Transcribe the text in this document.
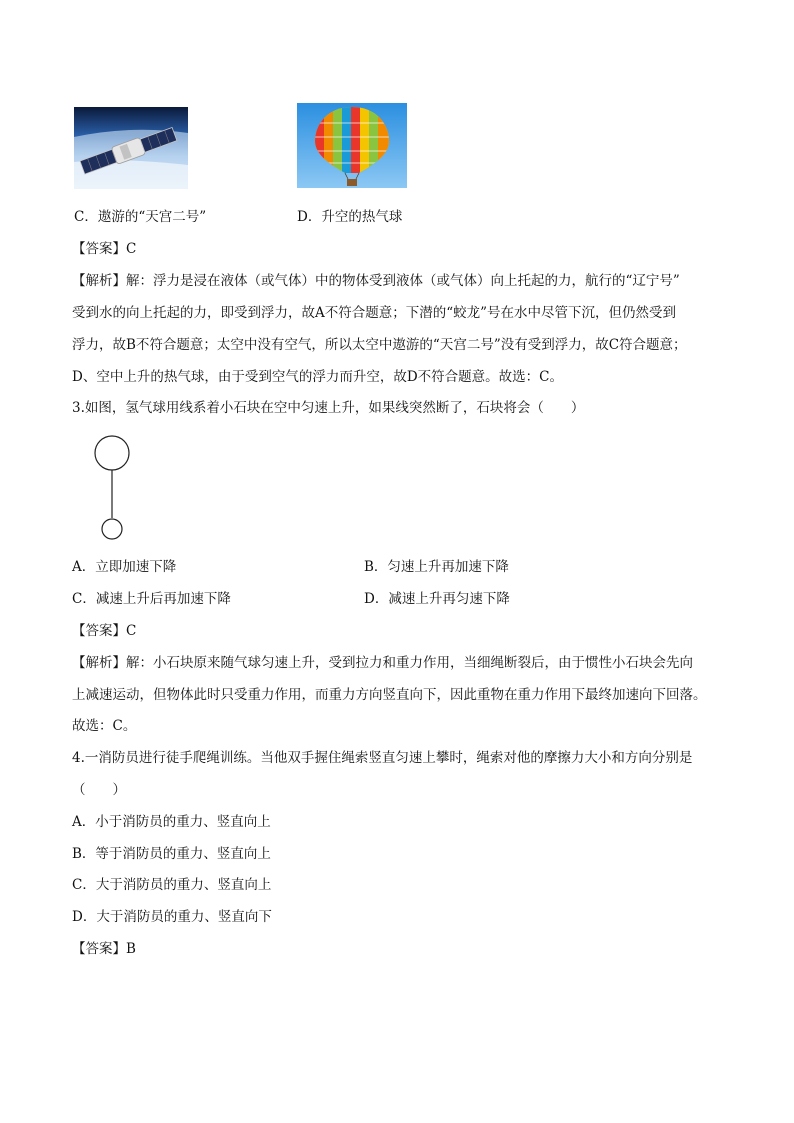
C．遨游的“天宫二号”	D．升空的热气球
【答案】C
【解析】解：浮力是浸在液体（或气体）中的物体受到液体（或气体）向上托起的力，航行的“辽宁号”
受到水的向上托起的力，即受到浮力，故A不符合题意；下潜的“蛟龙”号在水中尽管下沉，但仍然受到
浮力，故B不符合题意；太空中没有空气，所以太空中遨游的“天宫二号”没有受到浮力，故C符合题意；
D、空中上升的热气球，由于受到空气的浮力而升空，故D不符合题意。故选：C。
3.如图，氢气球用线系着小石块在空中匀速上升，如果线突然断了，石块将会（　　）
A．立即加速下降	B．匀速上升再加速下降
C．减速上升后再加速下降	D．减速上升再匀速下降
【答案】C
【解析】解：小石块原来随气球匀速上升，受到拉力和重力作用，当细绳断裂后，由于惯性小石块会先向
上减速运动，但物体此时只受重力作用，而重力方向竖直向下，因此重物在重力作用下最终加速向下回落。
故选：C。
4.一消防员进行徒手爬绳训练。当他双手握住绳索竖直匀速上攀时，绳索对他的摩擦力大小和方向分别是
（　　）
A．小于消防员的重力、竖直向上
B．等于消防员的重力、竖直向上
C．大于消防员的重力、竖直向上
D．大于消防员的重力、竖直向下
【答案】B
